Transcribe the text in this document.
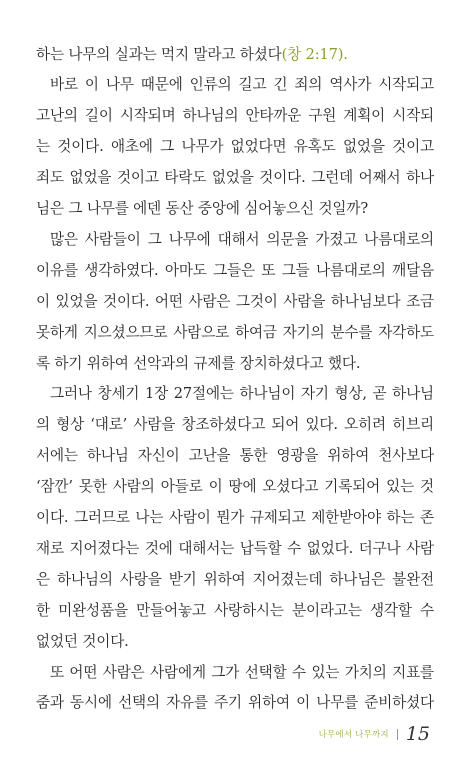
하는 나무의 실과는 먹지 말라고 하셨다(창 2:17).

바로 이 나무 때문에 인류의 길고 긴 죄의 역사가 시작되고

고난의 길이 시작되며 하나님의 안타까운 구원 계획이 시작되

는 것이다. 애초에 그 나무가 없었다면 유혹도 없었을 것이고

죄도 없었을 것이고 타락도 없었을 것이다. 그런데 어째서 하나

님은 그 나무를 에덴 동산 중앙에 심어놓으신 것일까?

많은 사람들이 그 나무에 대해서 의문을 가졌고 나름대로의

이유를 생각하였다. 아마도 그들은 또 그들 나름대로의 깨달음

이 있었을 것이다. 어떤 사람은 그것이 사람을 하나님보다 조금

못하게 지으셨으므로 사람으로 하여금 자기의 분수를 자각하도

록 하기 위하여 선악과의 규제를 장치하셨다고 했다.

그러나 창세기 1장 27절에는 하나님이 자기 형상, 곧 하나님

의 형상 ‘대로’ 사람을 창조하셨다고 되어 있다. 오히려 히브리

서에는 하나님 자신이 고난을 통한 영광을 위하여 천사보다

‘잠깐’ 못한 사람의 아들로 이 땅에 오셨다고 기록되어 있는 것

이다. 그러므로 나는 사람이 뭔가 규제되고 제한받아야 하는 존

재로 지어졌다는 것에 대해서는 납득할 수 없었다. 더구나 사람

은 하나님의 사랑을 받기 위하여 지어졌는데 하나님은 불완전

한 미완성품을 만들어놓고 사랑하시는 분이라고는 생각할 수

없었던 것이다.

또 어떤 사람은 사람에게 그가 선택할 수 있는 가치의 지표를

줌과 동시에 선택의 자유를 주기 위하여 이 나무를 준비하셨다

나무에서 나무까지 15
